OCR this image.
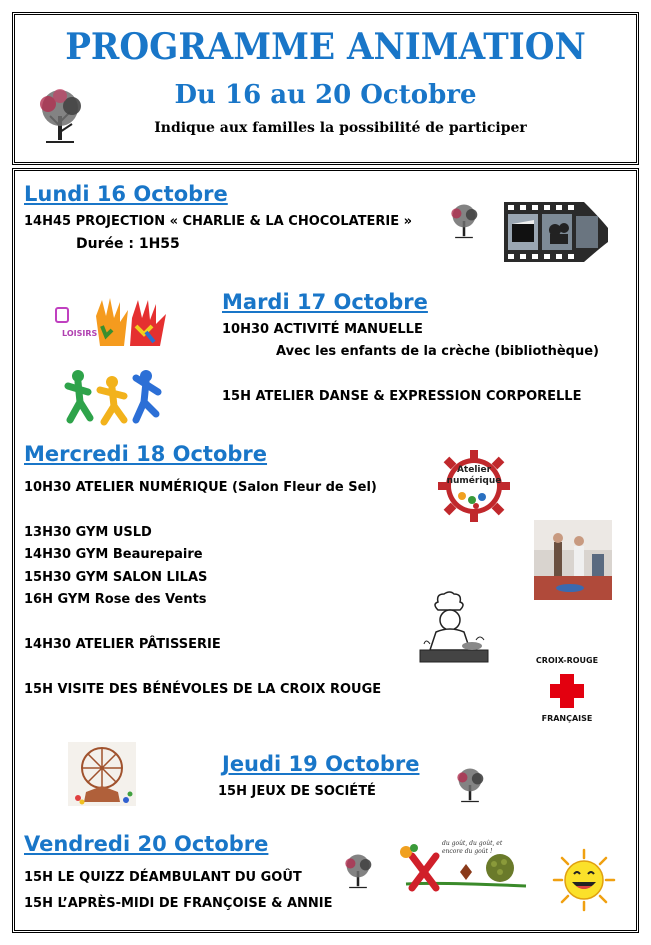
PROGRAMME ANIMATION
Du 16 au 20 Octobre
Indique aux familles la possibilité de participer
Lundi 16 Octobre
14H45 PROJECTION « CHARLIE & LA CHOCOLATERIE »
Durée : 1H55
Mardi 17 Octobre
10H30 ACTIVITÉ MANUELLE
Avec les enfants de la crèche (bibliothèque)
15H ATELIER DANSE & EXPRESSION CORPORELLE
LOISIRS
Mercredi 18 Octobre
10H30 ATELIER NUMÉRIQUE (Salon Fleur de Sel)
13H30 GYM USLD
14H30 GYM Beaurepaire
15H30 GYM SALON LILAS
16H GYM Rose des Vents
14H30 ATELIER PÂTISSERIE
15H VISITE DES BÉNÉVOLES DE LA CROIX ROUGE
Atelier
numérique
CROIX-ROUGE
FRANÇAISE
Jeudi 19 Octobre
15H JEUX DE SOCIÉTÉ
Vendredi 20 Octobre
15H LE QUIZZ DÉAMBULANT DU GOÛT
15H L’APRÈS-MIDI DE FRANÇOISE & ANNIE
du goût, du goût, et encore du goût !
